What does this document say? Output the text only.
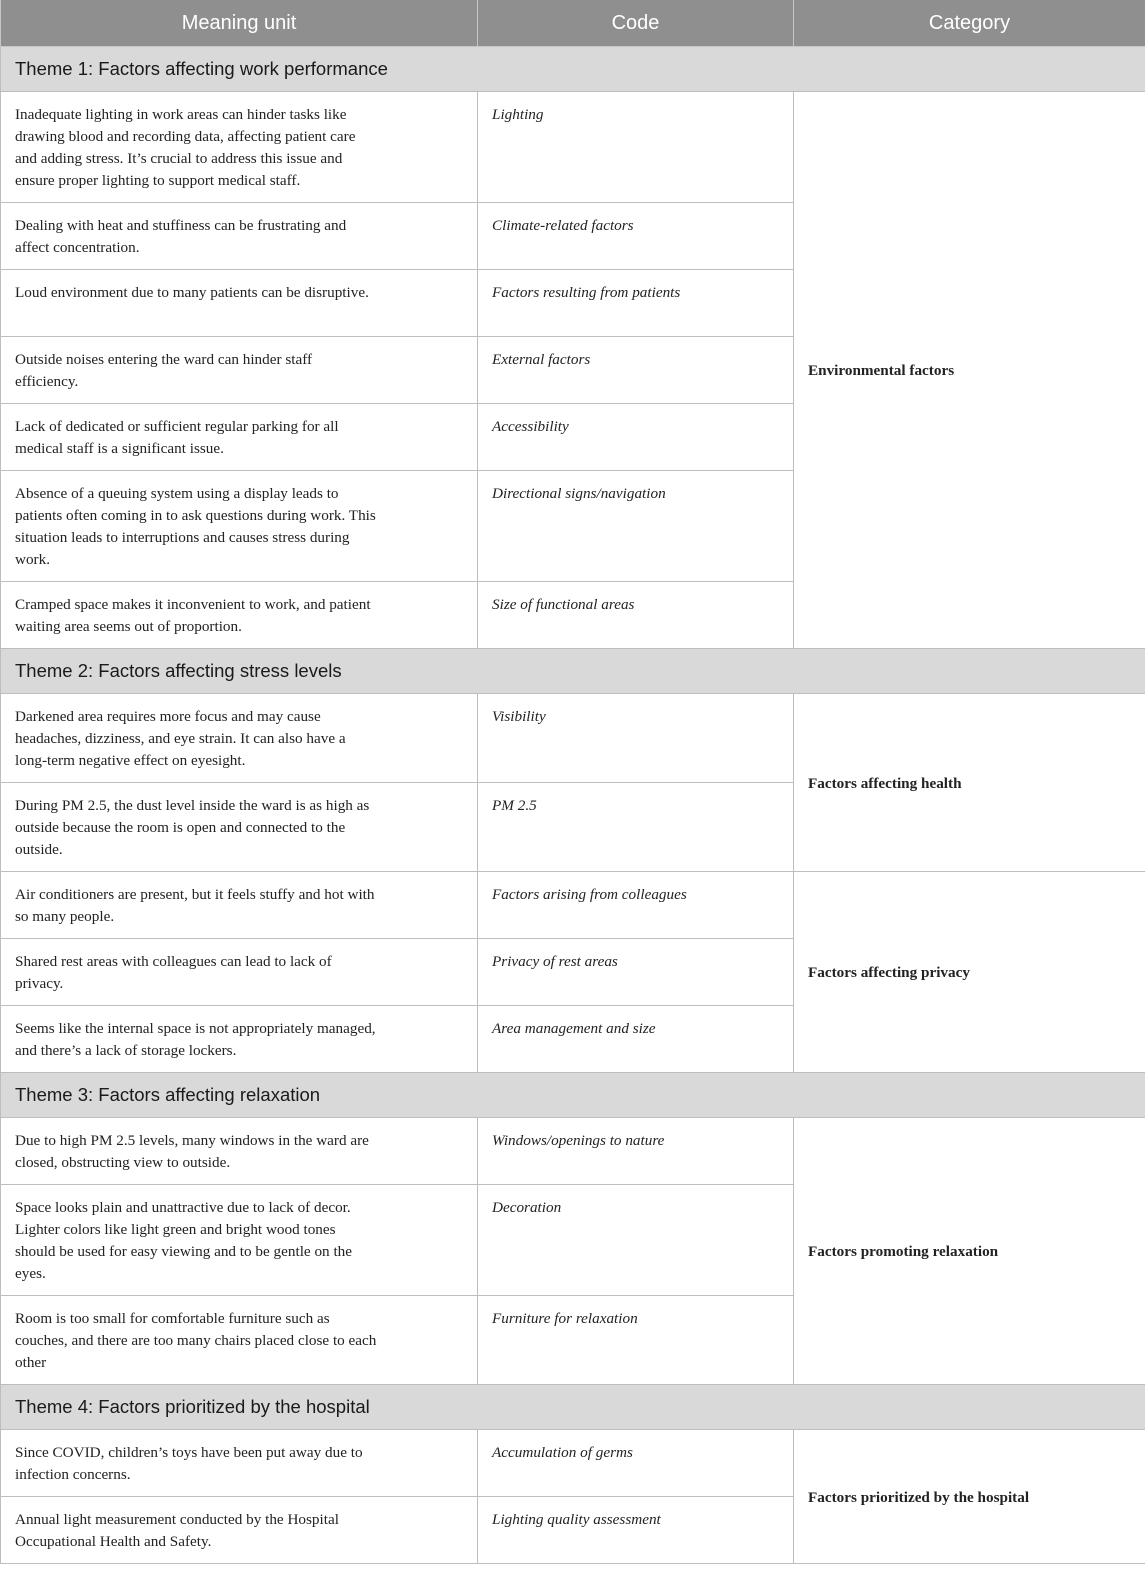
Meaning unit	Code	Category
Theme 1: Factors affecting work performance		
Inadequate lighting in work areas can hinder tasks like drawing blood and recording data, affecting patient care and adding stress. It’s crucial to address this issue and ensure proper lighting to support medical staff.	Lighting	Environmental factors
Dealing with heat and stuffiness can be frustrating and affect concentration.	Climate-related factors	
Loud environment due to many patients can be disruptive.	Factors resulting from patients	
Outside noises entering the ward can hinder staff efficiency.	External factors	
Lack of dedicated or sufficient regular parking for all medical staff is a significant issue.	Accessibility	
Absence of a queuing system using a display leads to patients often coming in to ask questions during work. This situation leads to interruptions and causes stress during work.	Directional signs/navigation	
Cramped space makes it inconvenient to work, and patient waiting area seems out of proportion.	Size of functional areas	
Theme 2: Factors affecting stress levels		
Darkened area requires more focus and may cause headaches, dizziness, and eye strain. It can also have a long-term negative effect on eyesight.	Visibility	Factors affecting health
During PM 2.5, the dust level inside the ward is as high as outside because the room is open and connected to the outside.	PM 2.5	
Air conditioners are present, but it feels stuffy and hot with so many people.	Factors arising from colleagues	Factors affecting privacy
Shared rest areas with colleagues can lead to lack of privacy.	Privacy of rest areas	
Seems like the internal space is not appropriately managed, and there’s a lack of storage lockers.	Area management and size	
Theme 3: Factors affecting relaxation		
Due to high PM 2.5 levels, many windows in the ward are closed, obstructing view to outside.	Windows/openings to nature	Factors promoting relaxation
Space looks plain and unattractive due to lack of decor. Lighter colors like light green and bright wood tones should be used for easy viewing and to be gentle on the eyes.	Decoration	
Room is too small for comfortable furniture such as couches, and there are too many chairs placed close to each other	Furniture for relaxation	
Theme 4: Factors prioritized by the hospital		
Since COVID, children’s toys have been put away due to infection concerns.	Accumulation of germs	Factors prioritized by the hospital
Annual light measurement conducted by the Hospital Occupational Health and Safety.	Lighting quality assessment	
